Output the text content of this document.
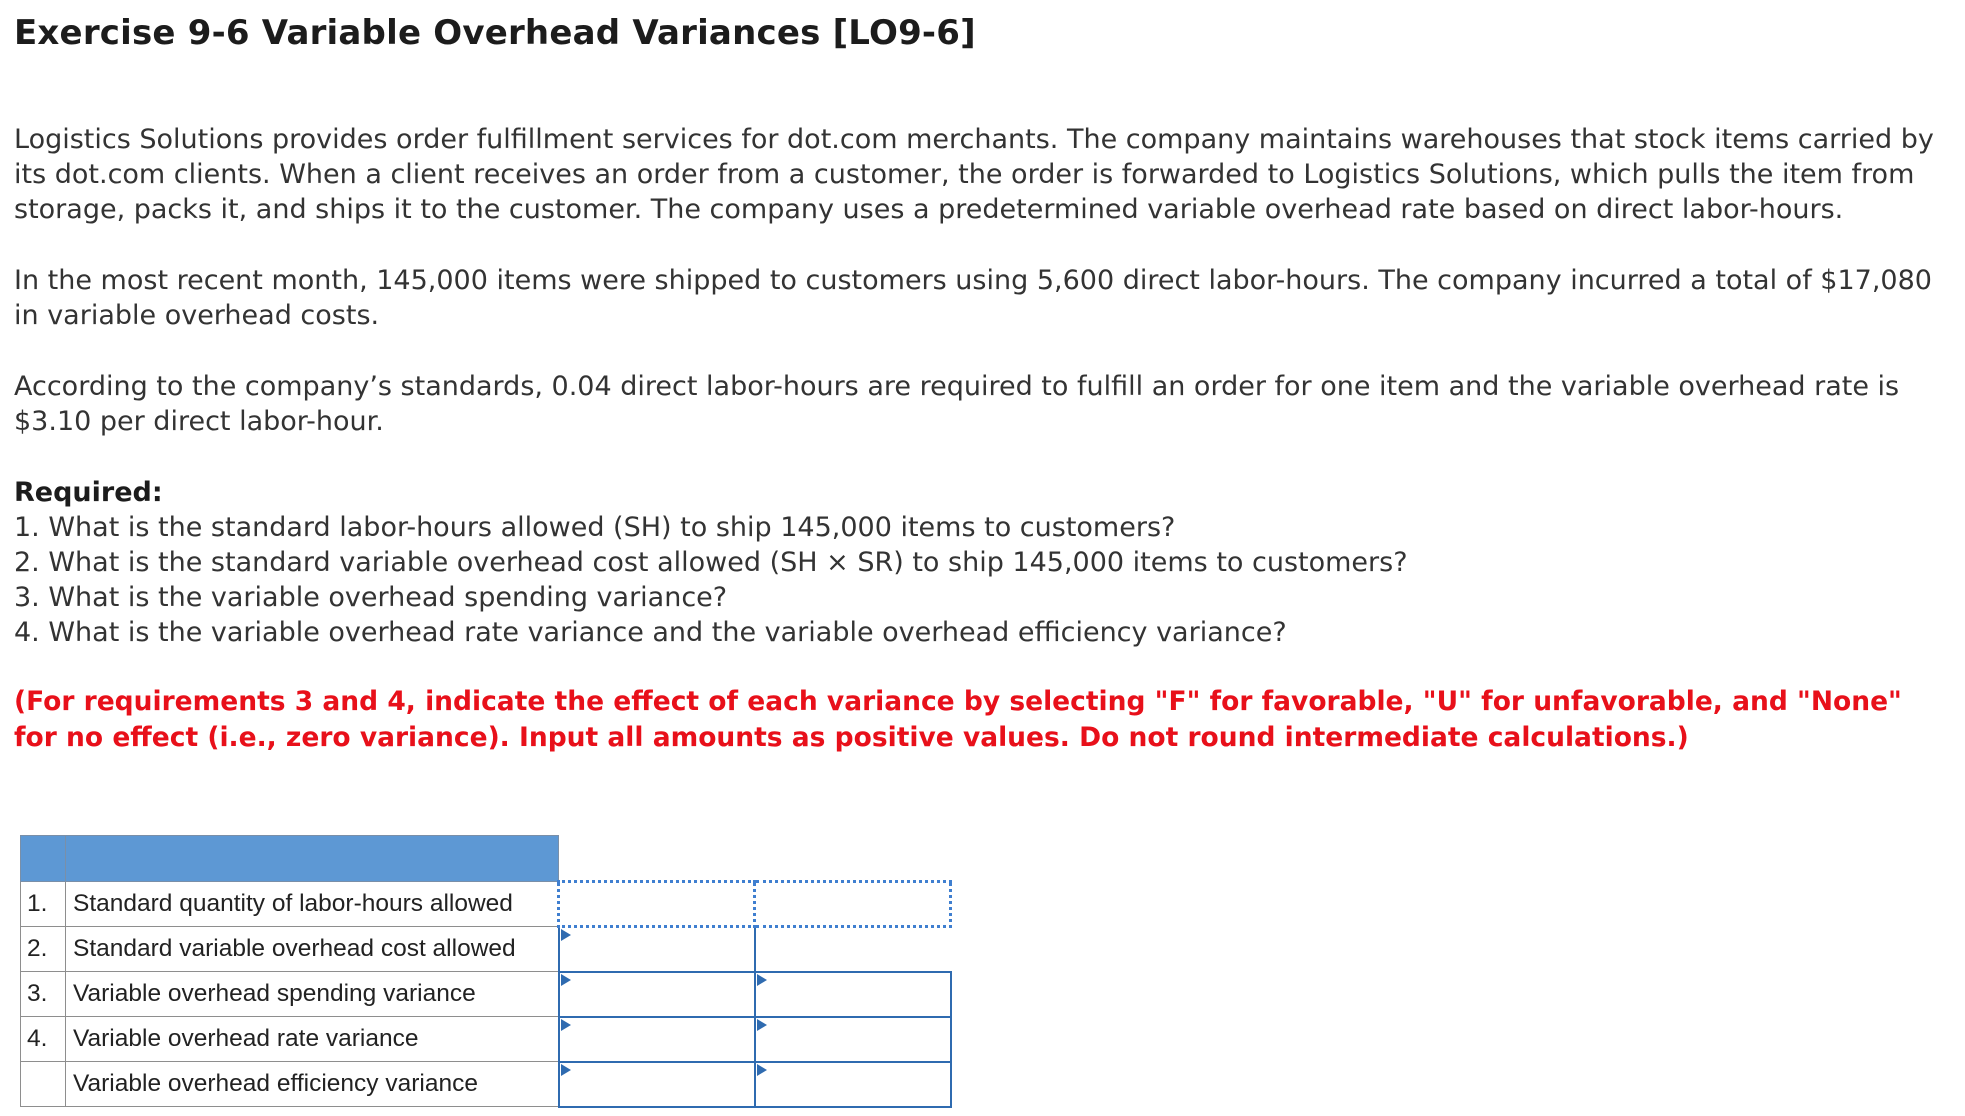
Exercise 9-6 Variable Overhead Variances [LO9-6]

Logistics Solutions provides order fulfillment services for dot.com merchants. The company maintains warehouses that stock items carried by its dot.com clients. When a client receives an order from a customer, the order is forwarded to Logistics Solutions, which pulls the item from storage, packs it, and ships it to the customer. The company uses a predetermined variable overhead rate based on direct labor-hours.

In the most recent month, 145,000 items were shipped to customers using 5,600 direct labor-hours. The company incurred a total of $17,080 in variable overhead costs.

According to the company’s standards, 0.04 direct labor-hours are required to fulfill an order for one item and the variable overhead rate is $3.10 per direct labor-hour.

Required:
1. What is the standard labor-hours allowed (SH) to ship 145,000 items to customers?
2. What is the standard variable overhead cost allowed (SH × SR) to ship 145,000 items to customers?
3. What is the variable overhead spending variance?
4. What is the variable overhead rate variance and the variable overhead efficiency variance?
(For requirements 3 and 4, indicate the effect of each variance by selecting "F" for favorable, "U" for unfavorable, and "None" for no effect (i.e., zero variance). Input all amounts as positive values. Do not round intermediate calculations.)

1.	Standard quantity of labor-hours allowed	

2.	Standard variable overhead cost allowed	

3.	Variable overhead spending variance	

4.	Variable overhead rate variance	

	Variable overhead efficiency variance	
